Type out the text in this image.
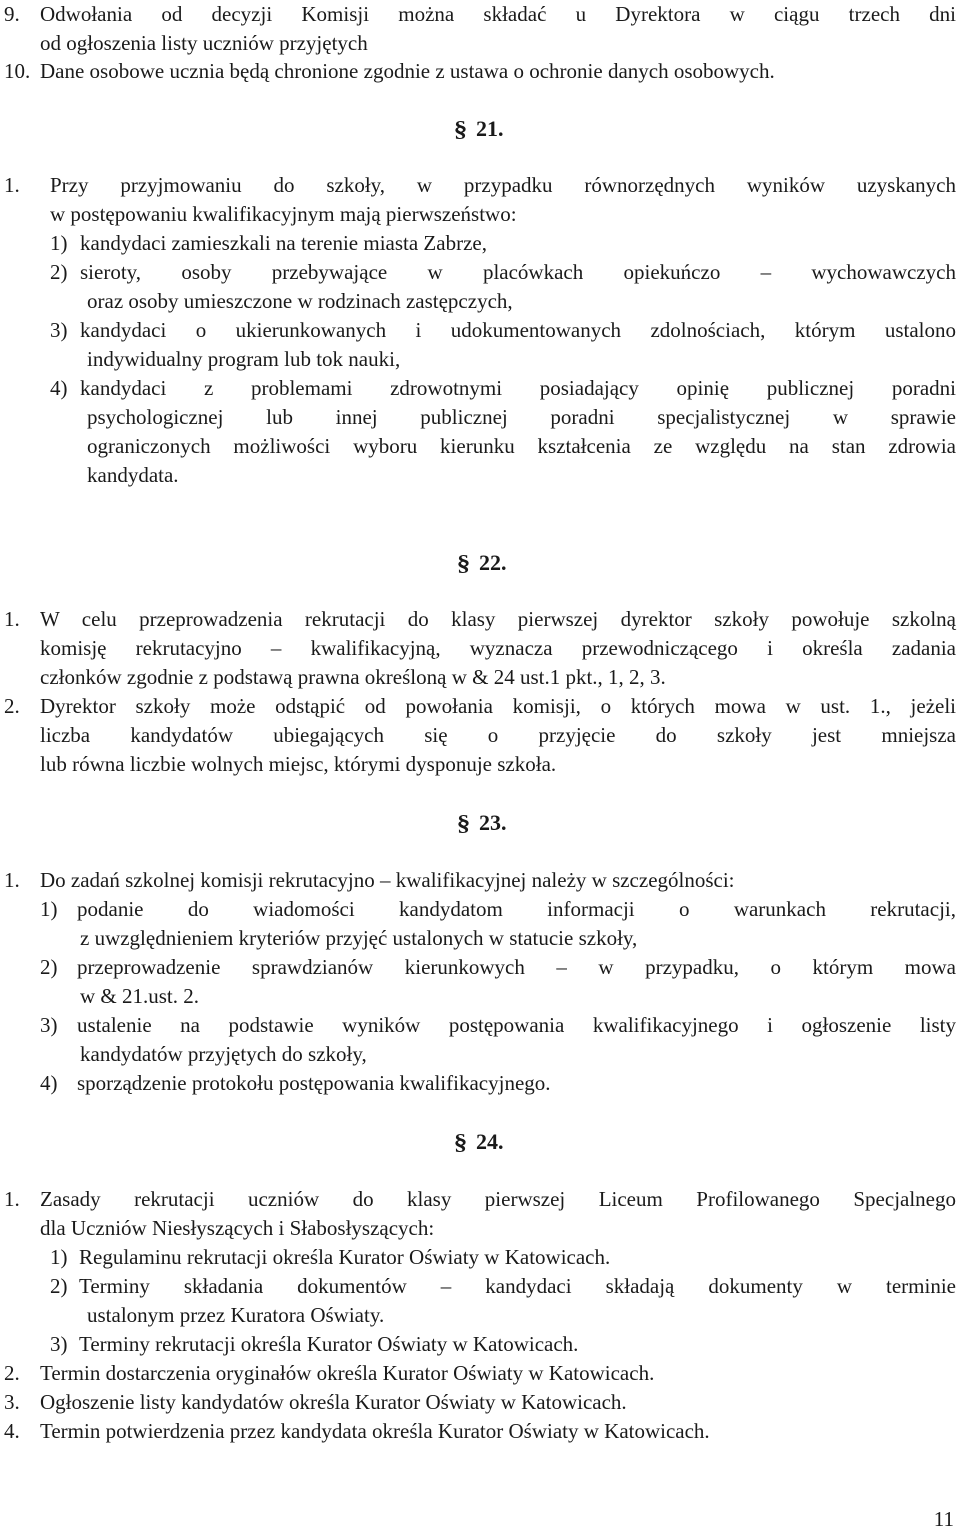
9. Odwołania od decyzji Komisji można składać u Dyrektora w ciągu trzech dni
od ogłoszenia listy uczniów przyjętych
10. Dane osobowe ucznia będą chronione zgodnie z ustawa o ochronie danych osobowych.
§ 21.
1. Przy przyjmowaniu do szkoły, w przypadku równorzędnych wyników uzyskanych
w postępowaniu kwalifikacyjnym mają pierwszeństwo:
1) kandydaci zamieszkali na terenie miasta Zabrze,
2) sieroty, osoby przebywające w placówkach opiekuńczo – wychowawczych
oraz osoby umieszczone w rodzinach zastępczych,
3) kandydaci o ukierunkowanych i udokumentowanych zdolnościach, którym ustalono
indywidualny program lub tok nauki,
4) kandydaci z problemami zdrowotnymi posiadający opinię publicznej poradni
psychologicznej lub innej publicznej poradni specjalistycznej w sprawie
ograniczonych możliwości wyboru kierunku kształcenia ze względu na stan zdrowia
kandydata.
§ 22.
1. W celu przeprowadzenia rekrutacji do klasy pierwszej dyrektor szkoły powołuje szkolną
komisję rekrutacyjno – kwalifikacyjną, wyznacza przewodniczącego i określa zadania
członków zgodnie z podstawą prawna określoną w & 24 ust.1 pkt., 1, 2, 3.
2. Dyrektor szkoły może odstąpić od powołania komisji, o których mowa w ust. 1., jeżeli
liczba kandydatów ubiegających się o przyjęcie do szkoły jest mniejsza
lub równa liczbie wolnych miejsc, którymi dysponuje szkoła.
§ 23.
1. Do zadań szkolnej komisji rekrutacyjno – kwalifikacyjnej należy w szczególności:
1) podanie do wiadomości kandydatom informacji o warunkach rekrutacji,
z uwzględnieniem kryteriów przyjęć ustalonych w statucie szkoły,
2) przeprowadzenie sprawdzianów kierunkowych – w przypadku, o którym mowa
w & 21.ust. 2.
3) ustalenie na podstawie wyników postępowania kwalifikacyjnego i ogłoszenie listy
kandydatów przyjętych do szkoły,
4) sporządzenie protokołu postępowania kwalifikacyjnego.
§ 24.
1. Zasady rekrutacji uczniów do klasy pierwszej Liceum Profilowanego Specjalnego
dla Uczniów Niesłyszących i Słabosłyszących:
1) Regulaminu rekrutacji określa Kurator Oświaty w Katowicach.
2) Terminy składania dokumentów – kandydaci składają dokumenty w terminie
ustalonym przez Kuratora Oświaty.
3) Terminy rekrutacji określa Kurator Oświaty w Katowicach.
2. Termin dostarczenia oryginałów określa Kurator Oświaty w Katowicach.
3. Ogłoszenie listy kandydatów określa Kurator Oświaty w Katowicach.
4. Termin potwierdzenia przez kandydata określa Kurator Oświaty w Katowicach.
11
